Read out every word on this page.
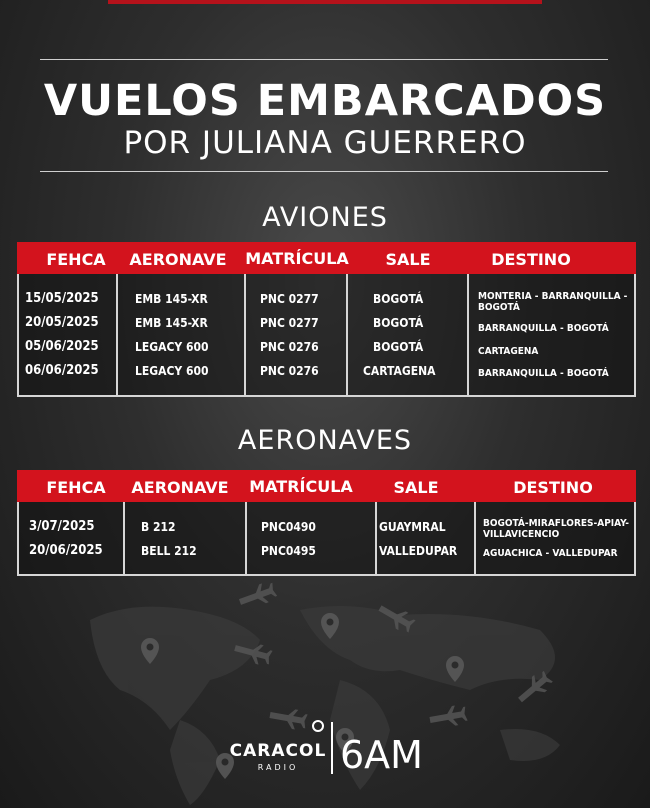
VUELOS EMBARCADOS
POR JULIANA GUERRERO
AVIONES
FEHCA	AERONAVE	MATRÍCULA	SALE	DESTINO
15/05/2025	EMB 145-XR	PNC 0277	BOGOTÁ	MONTERIA - BARRANQUILLA - BOGOTÁ
20/05/2025	EMB 145-XR	PNC 0277	BOGOTÁ	BARRANQUILLA - BOGOTÁ
05/06/2025	LEGACY 600	PNC 0276	BOGOTÁ	CARTAGENA
06/06/2025	LEGACY 600	PNC 0276	CARTAGENA	BARRANQUILLA - BOGOTÁ
AERONAVES
FEHCA	AERONAVE	MATRÍCULA	SALE	DESTINO
3/07/2025	B 212	PNC0490	GUAYMRAL	BOGOTÁ-MIRAFLORES-APIAY-VILLAVICENCIO
20/06/2025	BELL 212	PNC0495	VALLEDUPAR	AGUACHICA - VALLEDUPAR
CARACOL
RADIO 6AM
